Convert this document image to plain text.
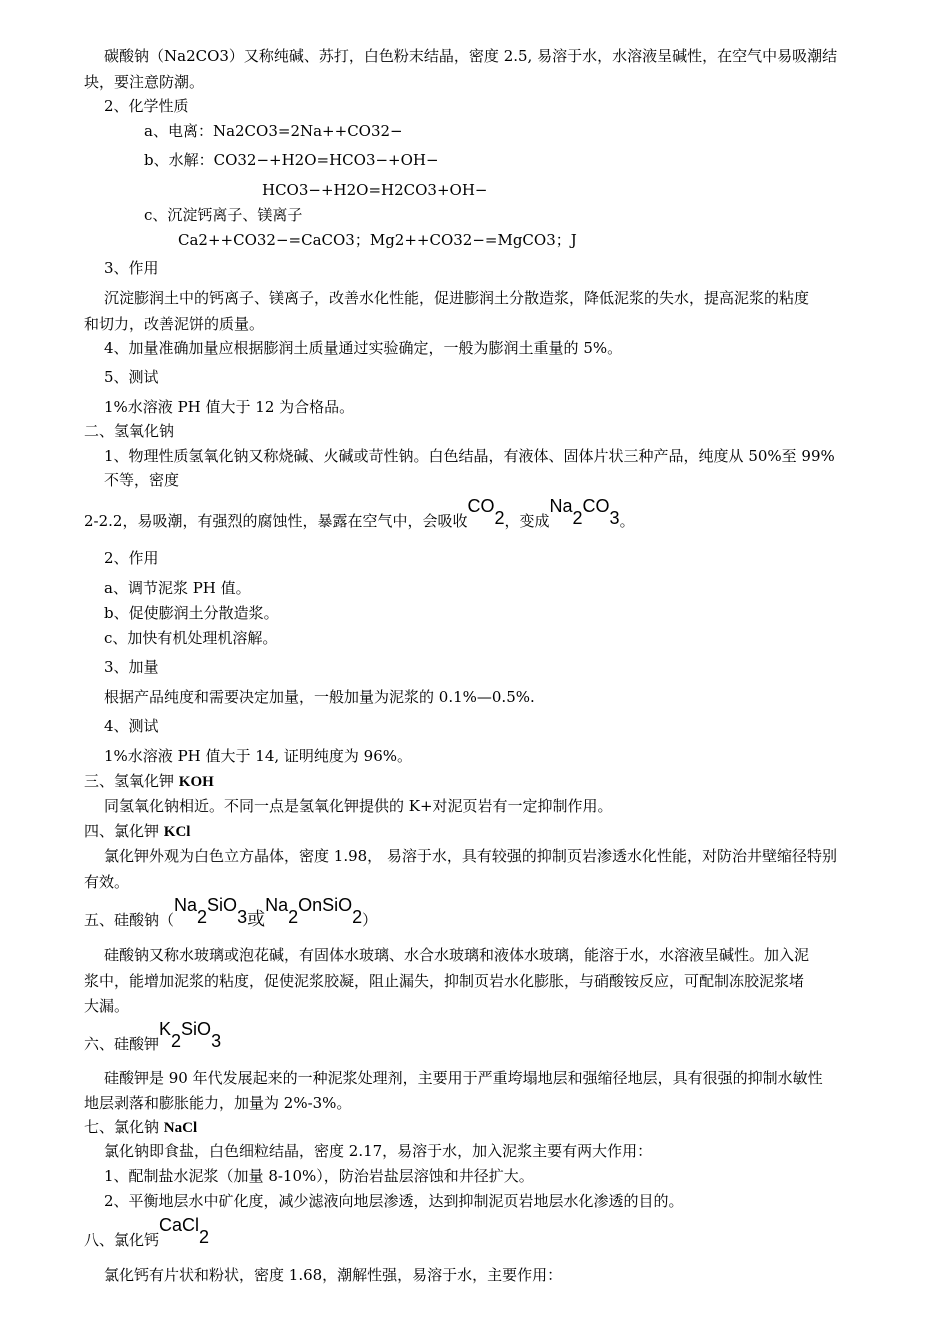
碳酸钠（Na2CO3）又称纯碱、苏打，白色粉末结晶，密度 2.5, 易溶于水，水溶液呈碱性，在空气中易吸潮结
块，要注意防潮。
2、化学性质
a、电离：Na2CO3=2Na++CO32−
b、水解：CO32−+H2O=HCO3−+OH−
HCO3−+H2O=H2CO3+OH−
c、沉淀钙离子、镁离子
Ca2++CO32−=CaCO3；Mg2++CO32−=MgCO3；J
3、作用
沉淀膨润土中的钙离子、镁离子，改善水化性能，促进膨润土分散造浆，降低泥浆的失水，提高泥浆的粘度
和切力，改善泥饼的质量。
4、加量准确加量应根据膨润土质量通过实验确定，一般为膨润土重量的 5%。
5、测试
1%水溶液 PH 值大于 12 为合格品。
二、氢氧化钠
1、物理性质氢氧化钠又称烧碱、火碱或苛性钠。白色结晶，有液体、固体片状三种产品，纯度从 50%至 99%
不等，密度
2-2.2，易吸潮，有强烈的腐蚀性，暴露在空气中，会吸收CO2，变成Na2CO3。
2、作用
a、调节泥浆 PH 值。
b、促使膨润土分散造浆。
c、加快有机处理机溶解。
3、加量
根据产品纯度和需要决定加量，一般加量为泥浆的 0.1%—0.5%.
4、测试
1%水溶液 PH 值大于 14, 证明纯度为 96%。
三、氢氧化钾 KOH
同氢氧化钠相近。不同一点是氢氧化钾提供的 K+对泥页岩有一定抑制作用。
四、氯化钾 KCl
氯化钾外观为白色立方晶体，密度 1.98， 易溶于水，具有较强的抑制页岩渗透水化性能，对防治井壁缩径特别
有效。
五、硅酸钠（Na2SiO3或Na2OnSiO2）
硅酸钠又称水玻璃或泡花碱，有固体水玻璃、水合水玻璃和液体水玻璃，能溶于水，水溶液呈碱性。加入泥
浆中，能增加泥浆的粘度，促使泥浆胶凝，阻止漏失，抑制页岩水化膨胀，与硝酸铵反应，可配制冻胶泥浆堵
大漏。
六、硅酸钾K2SiO3
硅酸钾是 90 年代发展起来的一种泥浆处理剂，主要用于严重垮塌地层和强缩径地层，具有很强的抑制水敏性
地层剥落和膨胀能力，加量为 2%-3%。
七、氯化钠 NaCl
氯化钠即食盐，白色细粒结晶，密度 2.17，易溶于水，加入泥浆主要有两大作用：
1、配制盐水泥浆（加量 8-10%），防治岩盐层溶蚀和井径扩大。
2、平衡地层水中矿化度，减少滤液向地层渗透，达到抑制泥页岩地层水化渗透的目的。
八、氯化钙CaCl2
氯化钙有片状和粉状，密度 1.68，潮解性强，易溶于水，主要作用：
